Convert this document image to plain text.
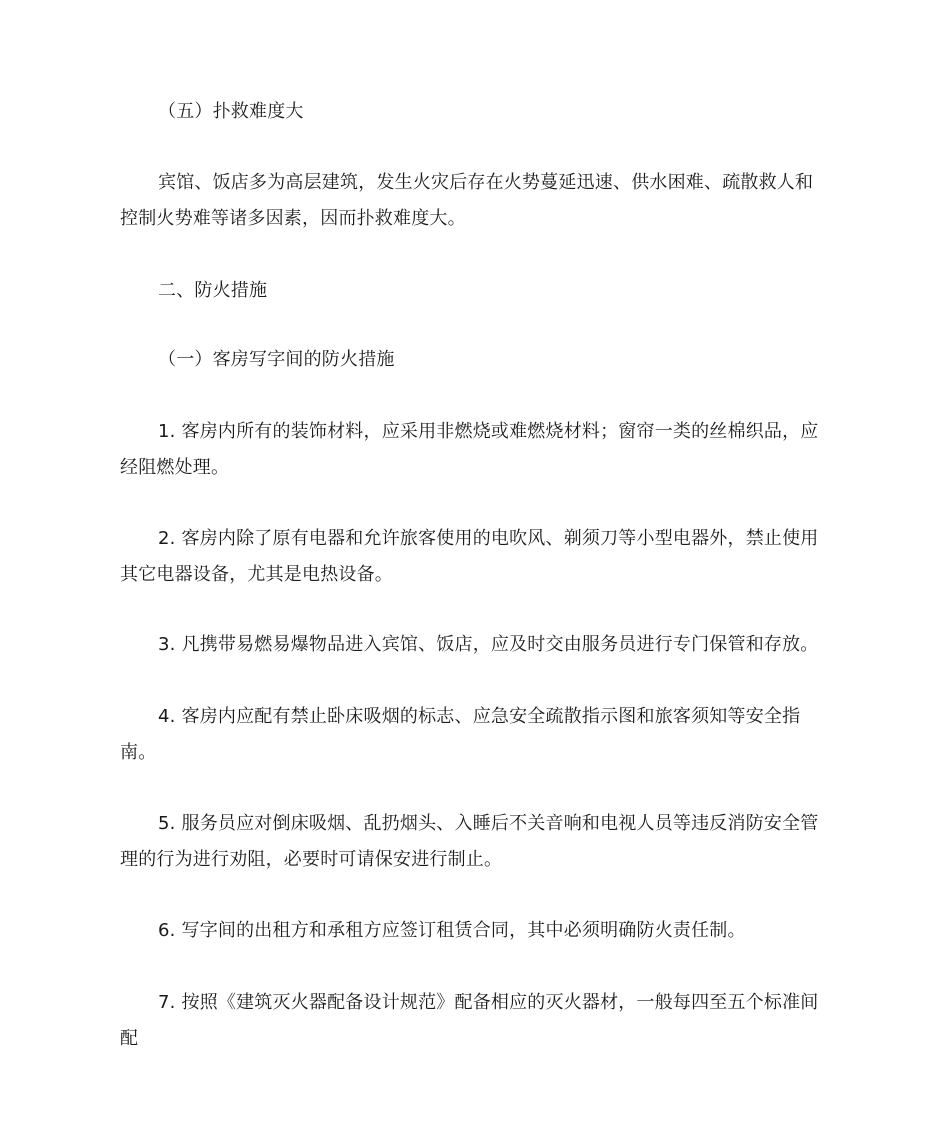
（五）扑救难度大
宾馆、饭店多为高层建筑，发生火灾后存在火势蔓延迅速、供水困难、疏散救人和控制火势难等诸多因素，因而扑救难度大。
二、防火措施
（一）客房写字间的防火措施
1. 客房内所有的装饰材料，应采用非燃烧或难燃烧材料；窗帘一类的丝棉织品，应经阻燃处理。
2. 客房内除了原有电器和允许旅客使用的电吹风、剃须刀等小型电器外，禁止使用其它电器设备，尤其是电热设备。
3. 凡携带易燃易爆物品进入宾馆、饭店，应及时交由服务员进行专门保管和存放。
4. 客房内应配有禁止卧床吸烟的标志、应急安全疏散指示图和旅客须知等安全指南。
5. 服务员应对倒床吸烟、乱扔烟头、入睡后不关音响和电视人员等违反消防安全管理的行为进行劝阻，必要时可请保安进行制止。
6. 写字间的出租方和承租方应签订租赁合同，其中必须明确防火责任制。
7. 按照《建筑灭火器配备设计规范》配备相应的灭火器材，一般每四至五个标准间配
